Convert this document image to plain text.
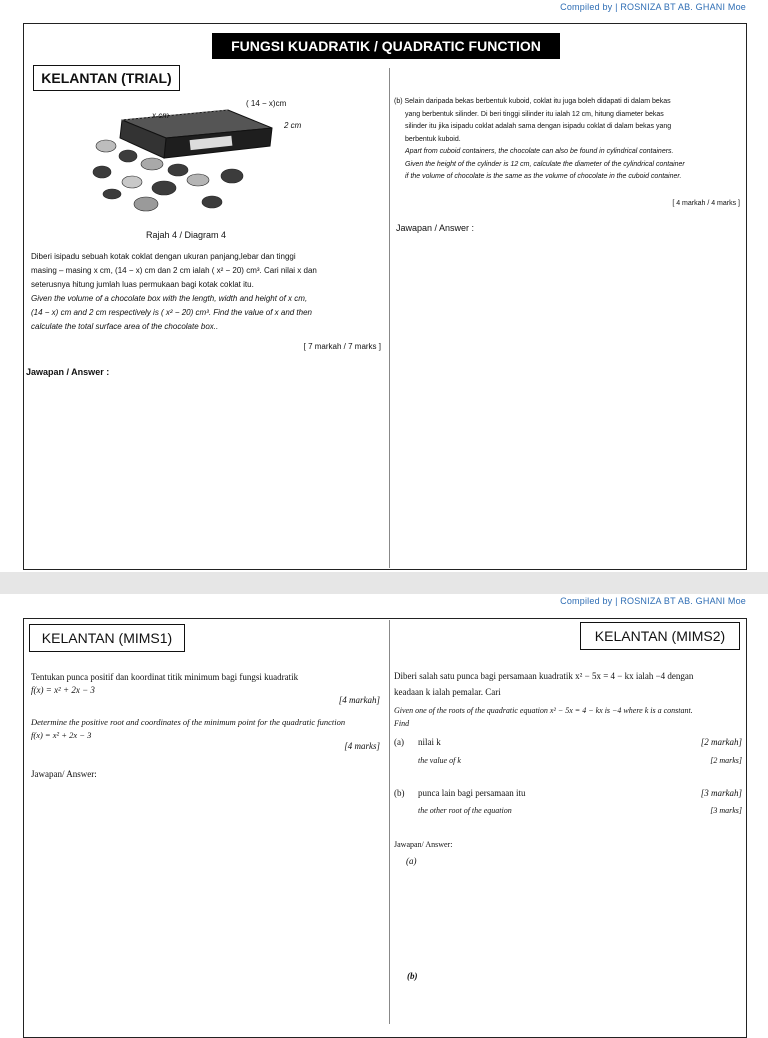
Compiled by | ROSNIZA BT AB. GHANI Moe
FUNGSI KUADRATIK / QUADRATIC FUNCTION
KELANTAN (TRIAL)
( 14 − x)cm
x cm
2 cm
Rajah 4 / Diagram 4
Diberi isipadu sebuah kotak coklat dengan ukuran panjang,lebar dan tinggi
masing – masing x cm, (14 − x) cm dan 2 cm ialah ( x² − 20) cm³. Cari nilai x dan
seterusnya hitung jumlah luas permukaan bagi kotak coklat itu.
Given the volume of a chocolate box with the length, width and height of x cm,
(14 − x) cm and 2 cm respectively is ( x² − 20) cm³. Find the value of x and then
calculate the total surface area of the chocolate box..
[ 7 markah / 7 marks ]
Jawapan / Answer :
(b) Selain daripada bekas berbentuk kuboid, coklat itu juga boleh didapati di dalam bekas
yang berbentuk silinder. Di beri tinggi silinder itu ialah 12 cm, hitung diameter bekas
silinder itu jika isipadu coklat adalah sama dengan isipadu coklat di dalam bekas yang
berbentuk kuboid.
Apart from cuboid containers, the chocolate can also be found in cylindrical containers.
Given the height of the cylinder is 12 cm, calculate the diameter of the cylindrical container
if the volume of chocolate is the same as the volume of chocolate in the cuboid container.
[ 4 markah / 4 marks ]
Jawapan / Answer :
Compiled by | ROSNIZA BT AB. GHANI Moe
KELANTAN (MIMS1)	KELANTAN (MIMS2)
Tentukan punca positif dan koordinat titik minimum bagi fungsi kuadratik
f(x) = x² + 2x − 3
[4 markah]
Determine the positive root and coordinates of the minimum point for the quadratic function
f(x) = x² + 2x − 3
[4 marks]
Jawapan/ Answer:
Diberi salah satu punca bagi persamaan kuadratik x² − 5x = 4 − kx ialah −4 dengan
keadaan k ialah pemalar. Cari
Given one of the roots of the quadratic equation x² − 5x = 4 − kx is −4 where k is a constant.
Find
(a) nilai k	[2 markah]
the value of k	[2 marks]
(b) punca lain bagi persamaan itu	[3 markah]
the other root of the equation	[3 marks]
Jawapan/ Answer:
(a)
(b)
